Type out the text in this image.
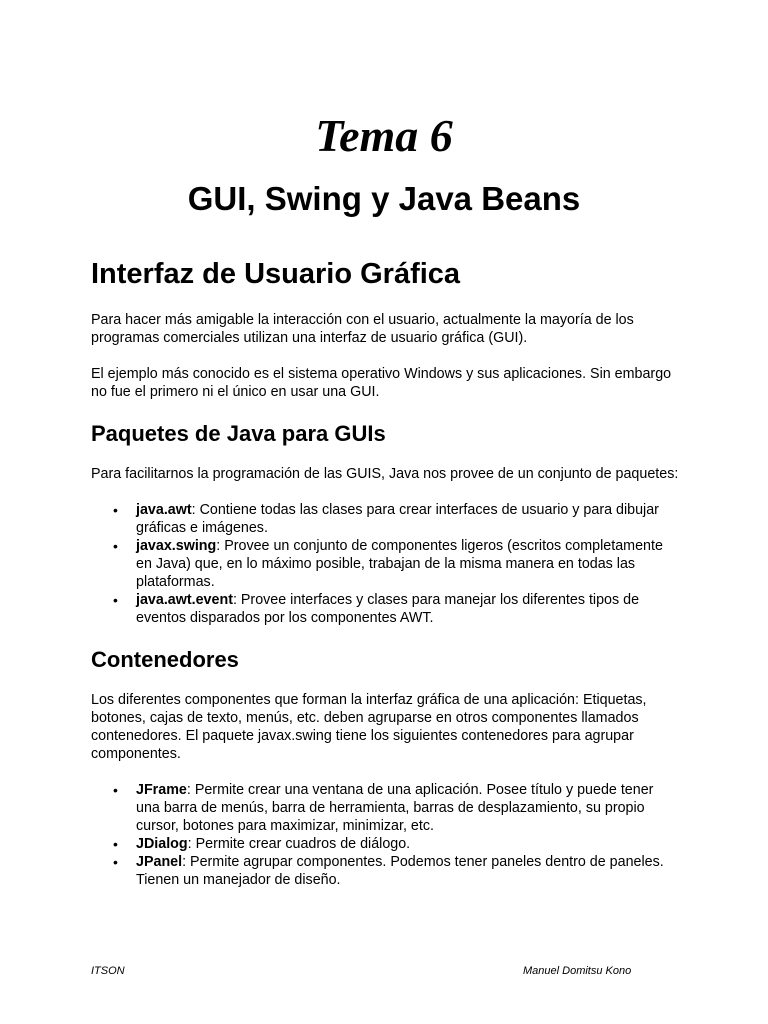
Tema 6
GUI, Swing y Java Beans
Interfaz de Usuario Gráfica

Para hacer más amigable la interacción con el usuario, actualmente la mayoría de los programas comerciales utilizan una interfaz de usuario gráfica (GUI).

El ejemplo más conocido es el sistema operativo Windows y sus aplicaciones. Sin embargo no fue el primero ni el único en usar una GUI.

Paquetes de Java para GUIs

Para facilitarnos la programación de las GUIS, Java nos provee de un conjunto de paquetes:

• java.awt: Contiene todas las clases para crear interfaces de usuario y para dibujar gráficas e imágenes.
• javax.swing: Provee un conjunto de componentes ligeros (escritos completamente en Java) que, en lo máximo posible, trabajan de la misma manera en todas las plataformas.
• java.awt.event: Provee interfaces y clases para manejar los diferentes tipos de eventos disparados por los componentes AWT.
Contenedores

Los diferentes componentes que forman la interfaz gráfica de una aplicación: Etiquetas, botones, cajas de texto, menús, etc. deben agruparse en otros componentes llamados contenedores. El paquete javax.swing tiene los siguientes contenedores para agrupar componentes.

• JFrame: Permite crear una ventana de una aplicación. Posee título y puede tener una barra de menús, barra de herramienta, barras de desplazamiento, su propio cursor, botones para maximizar, minimizar, etc.
• JDialog: Permite crear cuadros de diálogo.
• JPanel: Permite agrupar componentes. Podemos tener paneles dentro de paneles. Tienen un manejador de diseño.
ITSON	Manuel Domitsu Kono
